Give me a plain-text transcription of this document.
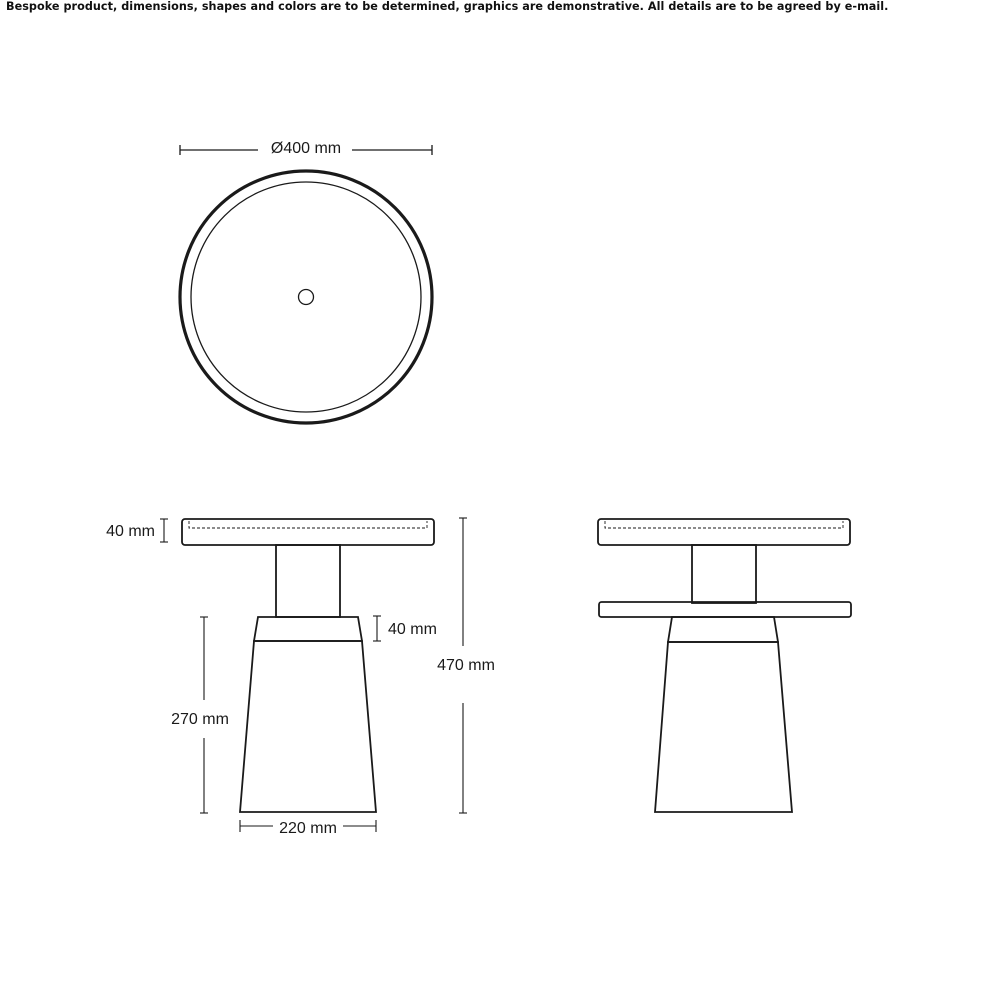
Bespoke product, dimensions, shapes and colors are to be determined, graphics are demonstrative. All details are to be agreed by e-mail.
Ø400 mm
40 mm
40 mm
470 mm
270 mm
220 mm
